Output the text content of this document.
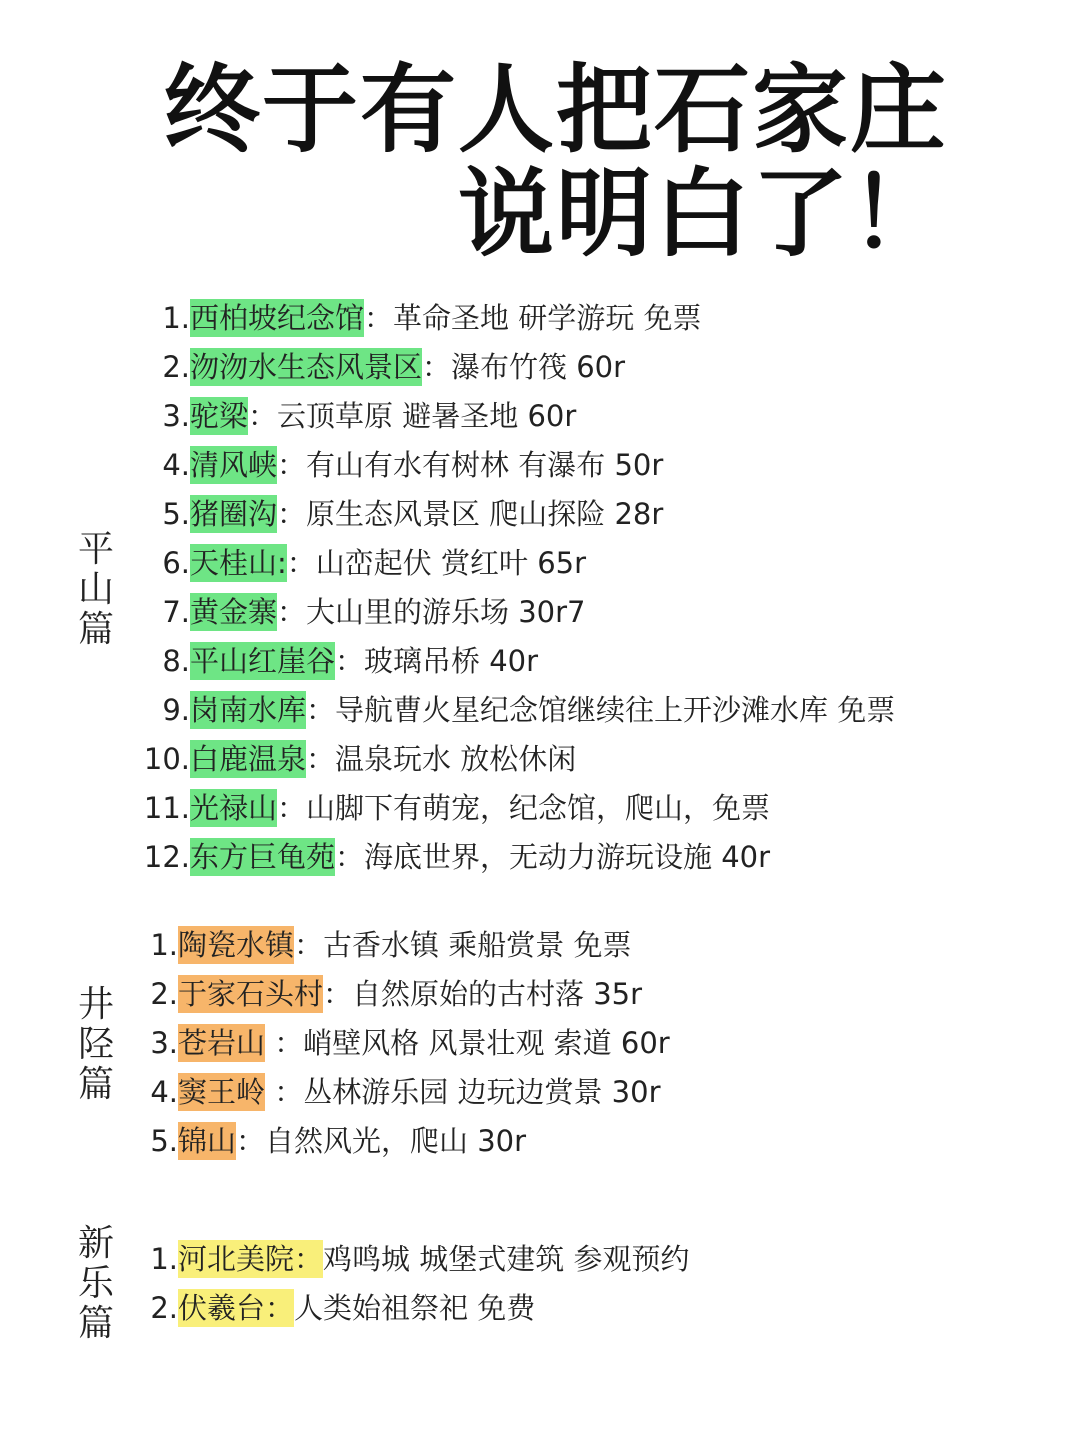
终于有人把石家庄
说明白了！
平
山
篇
1.西柏坡纪念馆：革命圣地 研学游玩 免票
2.沕沕水生态风景区：瀑布竹筏 60r
3.驼梁：云顶草原 避暑圣地 60r
4.清风峡：有山有水有树林 有瀑布 50r
5.猪圈沟：原生态风景区 爬山探险 28r
6.天桂山:：山峦起伏 赏红叶 65r
7.黄金寨：大山里的游乐场 30r7
8.平山红崖谷：玻璃吊桥 40r
9.岗南水库：导航曹火星纪念馆继续往上开沙滩水库 免票
10.白鹿温泉：温泉玩水 放松休闲
11.光禄山：山脚下有萌宠，纪念馆，爬山，免票
12.东方巨龟苑：海底世界，无动力游玩设施 40r
井
陉
篇
1.陶瓷水镇：古香水镇 乘船赏景 免票
2.于家石头村：自然原始的古村落 35r
3.苍岩山 ：峭壁风格 风景壮观 索道 60r
4.窦王岭 ：丛林游乐园 边玩边赏景 30r
5.锦山：自然风光，爬山 30r
新
乐
篇
1.河北美院：鸡鸣城 城堡式建筑 参观预约
2.伏羲台：人类始祖祭祀 免费
